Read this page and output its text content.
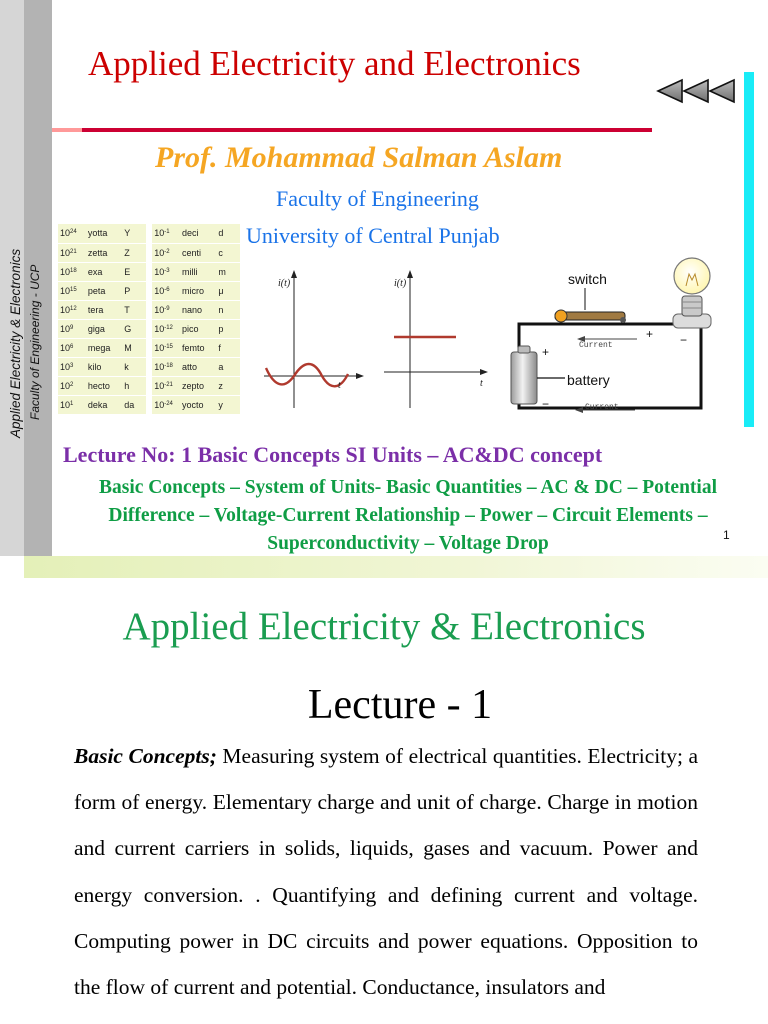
Applied Electricity & Electronics Faculty of Engineering - UCP
Applied Electricity and Electronics
Prof. Mohammad Salman Aslam
Faculty of Engineering
University of Central Punjab
$10^{24}$	yotta	Y		$10^{-1}$	deci	d
$10^{21}$	zetta	Z		$10^{-2}$	centi	c
$10^{18}$	exa	E		$10^{-3}$	milli	m
$10^{15}$	peta	P		$10^{-6}$	micro	μ
$10^{12}$	tera	T		$10^{-9}$	nano	n
$10^9$	giga	G		$10^{-12}$	pico	p
$10^6$	mega	M		$10^{-15}$	femto	f
$10^3$	kilo	k		$10^{-18}$	atto	a
$10^2$	hecto	h		$10^{-21}$	zepto	z
$10^1$	deka	da		$10^{-24}$	yocto	y
i(t)
t
i(t)
t
switch
battery
Current
Current
+ −
+
−
Lecture No: 1 Basic Concepts SI Units – AC&DC concept
Basic Concepts – System of Units- Basic Quantities – AC & DC – Potential Difference – Voltage-Current Relationship – Power – Circuit Elements – Superconductivity – Voltage Drop	1
Applied Electricity & Electronics
Lecture - 1

Basic Concepts; Measuring system of electrical quantities. Electricity; a form of energy. Elementary charge and unit of charge. Charge in motion and current carriers in solids, liquids, gases and vacuum. Power and energy conversion. . Quantifying and defining current and voltage. Computing power in DC circuits and power equations. Opposition to the flow of current and potential. Conductance, insulators and
